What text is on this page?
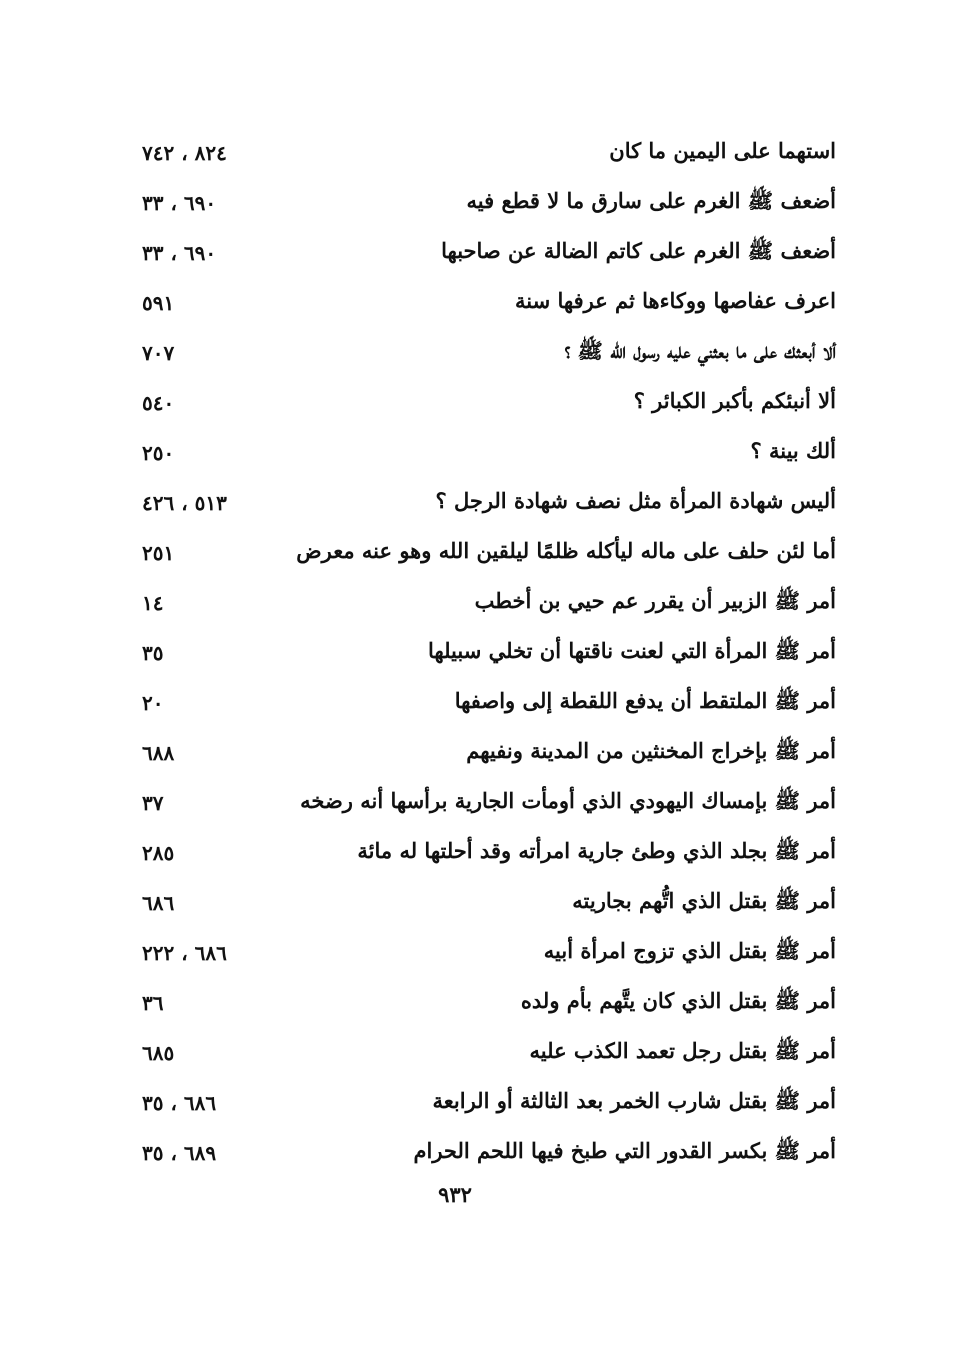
استهما على اليمين ما كان
٨٢٤ ، ٧٤٢
أضعف ﷺ الغرم على سارق ما لا قطع فيه
٦٩٠ ، ٣٣
أضعف ﷺ الغرم على كاتم الضالة عن صاحبها
٦٩٠ ، ٣٣
اعرف عفاصها ووكاءها ثم عرفها سنة
٥٩١
ألا أبعثك على ما بعثني عليه رسول الله ﷺ ؟
٧٠٧
ألا أنبئكم بأكبر الكبائر ؟
٥٤٠
ألك بينة ؟
٢٥٠
أليس شهادة المرأة مثل نصف شهادة الرجل ؟
٥١٣ ، ٤٢٦
أما لئن حلف على ماله ليأكله ظلمًا ليلقين الله وهو عنه معرض
٢٥١
أمر ﷺ الزبير أن يقرر عم حيي بن أخطب
١٤
أمر ﷺ المرأة التي لعنت ناقتها أن تخلي سبيلها
٣٥
أمر ﷺ الملتقط أن يدفع اللقطة إلى واصفها
٢٠
أمر ﷺ بإخراج المخنثين من المدينة ونفيهم
٦٨٨
أمر ﷺ بإمساك اليهودي الذي أومأت الجارية برأسها أنه رضخه
٣٧
أمر ﷺ بجلد الذي وطئ جارية امرأته وقد أحلتها له مائة
٢٨٥
أمر ﷺ بقتل الذي اتُّهم بجاريته
٦٨٦
أمر ﷺ بقتل الذي تزوج امرأة أبيه
٦٨٦ ، ٢٢٢
أمر ﷺ بقتل الذي كان يتَّهم بأم ولده
٣٦
أمر ﷺ بقتل رجل تعمد الكذب عليه
٦٨٥
أمر ﷺ بقتل شارب الخمر بعد الثالثة أو الرابعة
٦٨٦ ، ٣٥
أمر ﷺ بكسر القدور التي طبخ فيها اللحم الحرام
٦٨٩ ، ٣٥
٩٣٢
